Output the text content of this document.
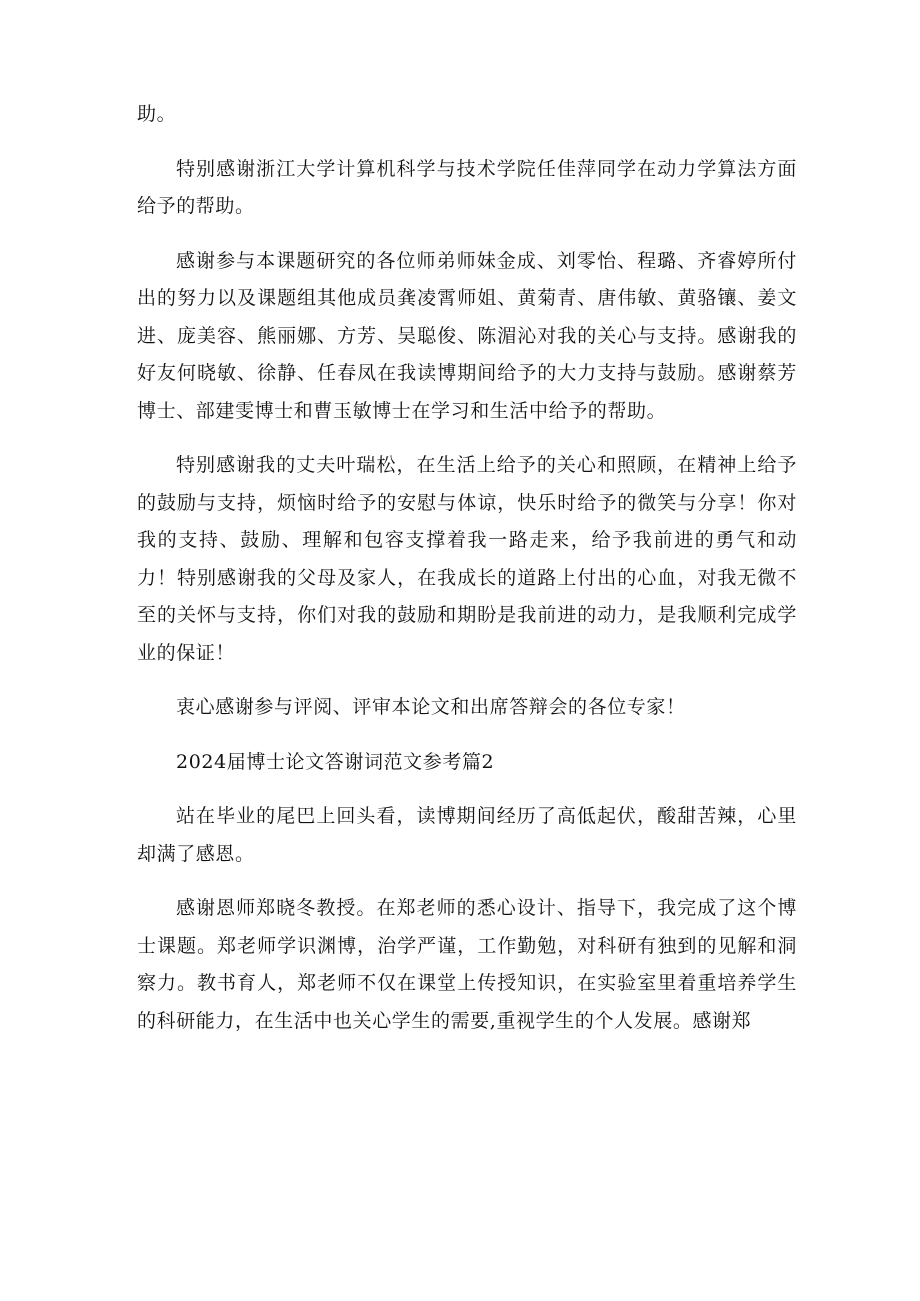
助。

特别感谢浙江大学计算机科学与技术学院任佳萍同学在动力学算法方面给予的帮助。

感谢参与本课题研究的各位师弟师妹金成、刘零怡、程璐、齐睿婷所付出的努力以及课题组其他成员龚凌霄师姐、黄菊青、唐伟敏、黄骆镶、姜文进、庞美容、熊丽娜、方芳、吴聪俊、陈湄沁对我的关心与支持。感谢我的好友何晓敏、徐静、任春凤在我读博期间给予的大力支持与鼓励。感谢蔡芳博士、部建雯博士和曹玉敏博士在学习和生活中给予的帮助。

特别感谢我的丈夫叶瑞松，在生活上给予的关心和照顾，在精神上给予的鼓励与支持，烦恼时给予的安慰与体谅，快乐时给予的微笑与分享！你对我的支持、鼓励、理解和包容支撑着我一路走来，给予我前进的勇气和动力！特别感谢我的父母及家人，在我成长的道路上付出的心血，对我无微不至的关怀与支持，你们对我的鼓励和期盼是我前进的动力，是我顺利完成学业的保证！

衷心感谢参与评阅、评审本论文和出席答辩会的各位专家！

2024届博士论文答谢词范文参考篇2

站在毕业的尾巴上回头看，读博期间经历了高低起伏，酸甜苦辣，心里却满了感恩。

感谢恩师郑晓冬教授。在郑老师的悉心设计、指导下，我完成了这个博士课题。郑老师学识渊博，治学严谨，工作勤勉，对科研有独到的见解和洞察力。教书育人，郑老师不仅在课堂上传授知识，在实验室里着重培养学生的科研能力，在生活中也关心学生的需要,重视学生的个人发展。感谢郑
